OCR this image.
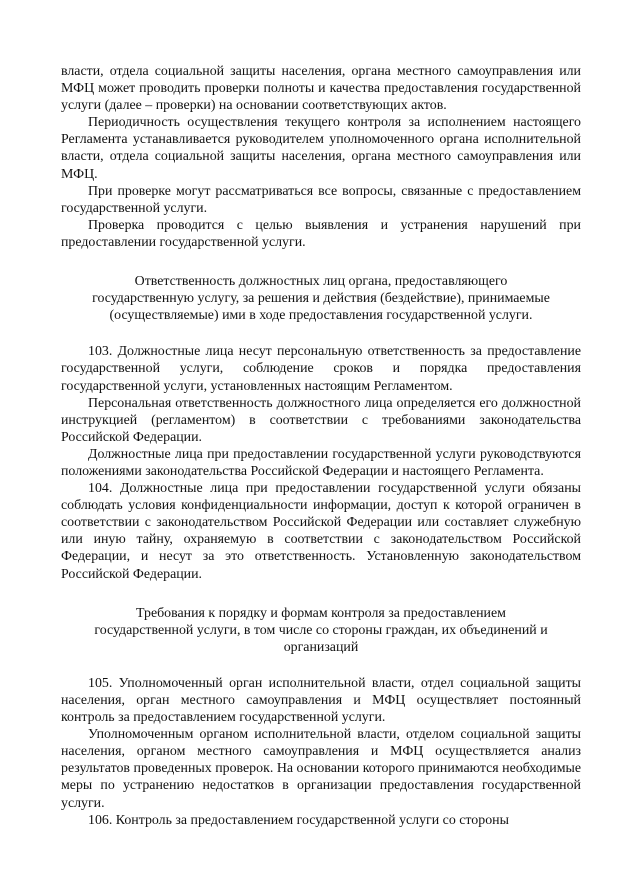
власти, отдела социальной защиты населения, органа местного самоуправления или МФЦ может проводить проверки полноты и качества предоставления государственной услуги (далее – проверки) на основании соответствующих актов.

Периодичность осуществления текущего контроля за исполнением настоящего Регламента устанавливается руководителем уполномоченного органа исполнительной власти, отдела социальной защиты населения, органа местного самоуправления или МФЦ.

При проверке могут рассматриваться все вопросы, связанные с предоставлением государственной услуги.

Проверка проводится с целью выявления и устранения нарушений при предоставлении государственной услуги.

Ответственность должностных лиц органа, предоставляющего государственную услугу, за решения и действия (бездействие), принимаемые (осуществляемые) ими в ходе предоставления государственной услуги.

103. Должностные лица несут персональную ответственность за предоставление государственной услуги, соблюдение сроков и порядка предоставления государственной услуги, установленных настоящим Регламентом.

Персональная ответственность должностного лица определяется его должностной инструкцией (регламентом) в соответствии с требованиями законодательства Российской Федерации.

Должностные лица при предоставлении государственной услуги руководствуются положениями законодательства Российской Федерации и настоящего Регламента.

104. Должностные лица при предоставлении государственной услуги обязаны соблюдать условия конфиденциальности информации, доступ к которой ограничен в соответствии с законодательством Российской Федерации или составляет служебную или иную тайну, охраняемую в соответствии с законодательством Российской Федерации, и несут за это ответственность. Установленную законодательством Российской Федерации.

Требования к порядку и формам контроля за предоставлением государственной услуги, в том числе со стороны граждан, их объединений и организаций

105. Уполномоченный орган исполнительной власти, отдел социальной защиты населения, орган местного самоуправления и МФЦ осуществляет постоянный контроль за предоставлением государственной услуги.

Уполномоченным органом исполнительной власти, отделом социальной защиты населения, органом местного самоуправления и МФЦ осуществляется анализ результатов проведенных проверок. На основании которого принимаются необходимые меры по устранению недостатков в организации предоставления государственной услуги.

106. Контроль за предоставлением государственной услуги со стороны
